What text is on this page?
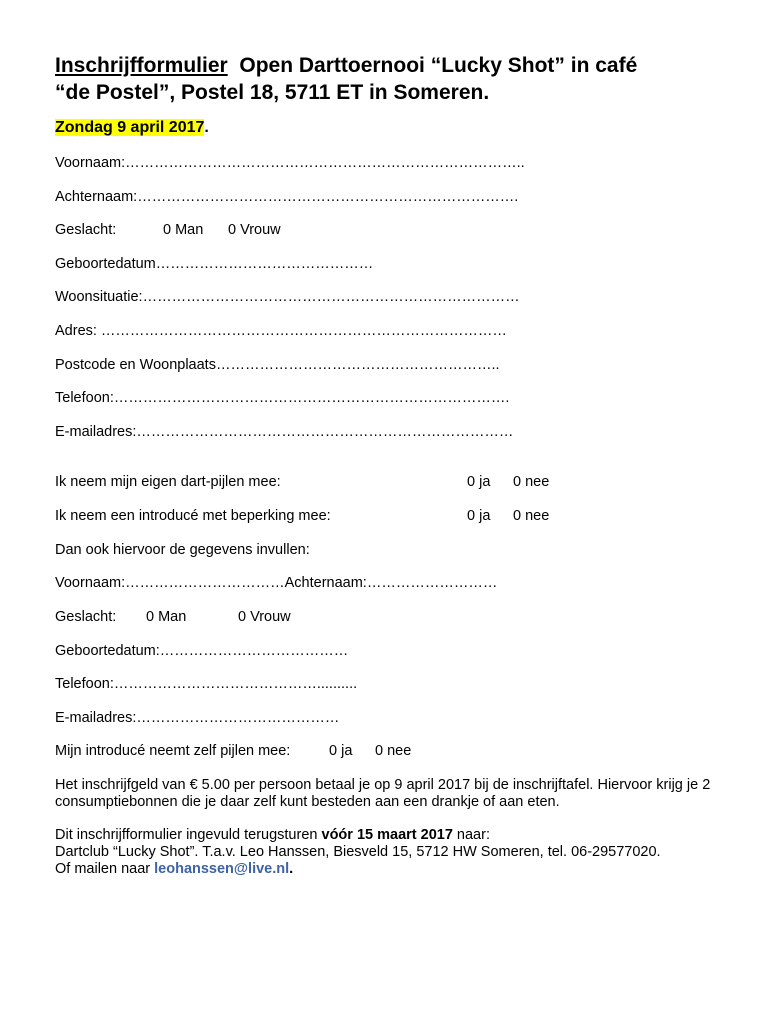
Inschrijfformulier Open Darttoernooi “Lucky Shot” in café
“de Postel”, Postel 18, 5711 ET in Someren.
Zondag 9 april 2017.
Voornaam:………………………………………………………………………..
Achternaam:…………………………………………………………………….
Geslacht:	0 Man 0 Vrouw
Geboortedatum………………………………………
Woonsituatie:……………………………………………………………………
Adres: …………………………………………………………………………
Postcode en Woonplaats…………………………………………………..
Telefoon:……………………………………………………………………….
E-mailadres:……………………………………………………………………
Ik neem mijn eigen dart-pijlen mee:	0 ja 0 nee
Ik neem een introducé met beperking mee:	0 ja 0 nee
Dan ook hiervoor de gegevens invullen:
Voornaam:……………………………Achternaam:………………………
Geslacht: 0 Man	0 Vrouw
Geboortedatum:…………………………………
Telefoon:……………………………………..........
E-mailadres:……………………………………
Mijn introducé neemt zelf pijlen mee:	0 ja 0 nee
Het inschrijfgeld van € 5.00 per persoon betaal je op 9 april 2017 bij de inschrijftafel. Hiervoor krijg je 2 consumptiebonnen die je daar zelf kunt besteden aan een drankje of aan eten.
Dit inschrijfformulier ingevuld terugsturen vóór 15 maart 2017 naar:
Dartclub “Lucky Shot”. T.a.v. Leo Hanssen, Biesveld 15, 5712 HW Someren, tel. 06-29577020.
Of mailen naar leohanssen@live.nl.
